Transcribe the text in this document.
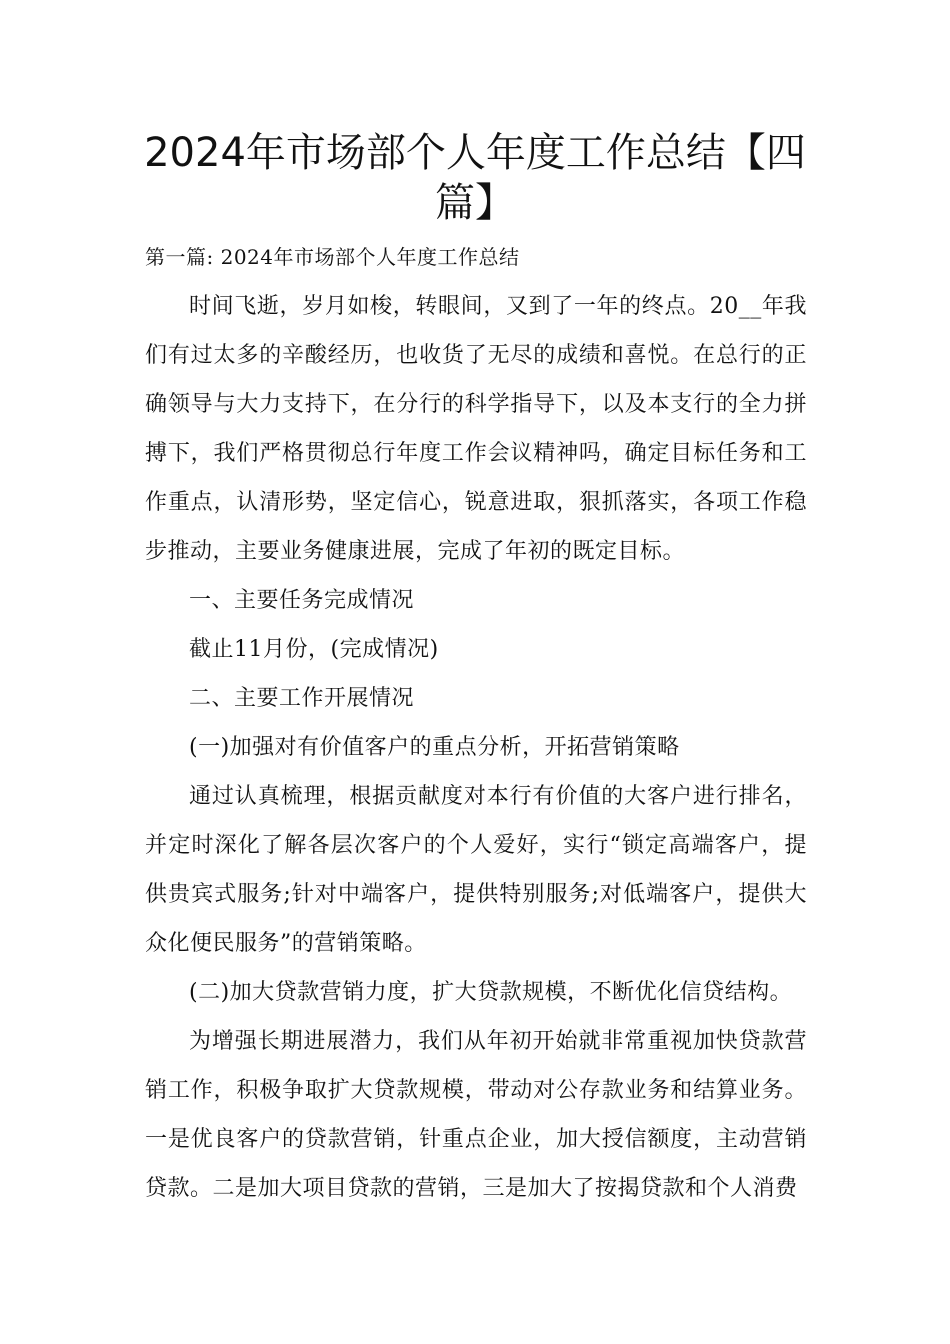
2024年市场部个人年度工作总结【四篇】

第一篇: 2024年市场部个人年度工作总结

时间飞逝，岁月如梭，转眼间，又到了一年的终点。20__年我们有过太多的辛酸经历，也收货了无尽的成绩和喜悦。在总行的正确领导与大力支持下，在分行的科学指导下，以及本支行的全力拼搏下，我们严格贯彻总行年度工作会议精神吗，确定目标任务和工作重点，认清形势，坚定信心，锐意进取，狠抓落实，各项工作稳步推动，主要业务健康进展，完成了年初的既定目标。

一、主要任务完成情况

截止11月份，(完成情况)

二、主要工作开展情况

(一)加强对有价值客户的重点分析，开拓营销策略

通过认真梳理，根据贡献度对本行有价值的大客户进行排名，并定时深化了解各层次客户的个人爱好，实行“锁定高端客户，提供贵宾式服务;针对中端客户，提供特别服务;对低端客户，提供大众化便民服务”的营销策略。

(二)加大贷款营销力度，扩大贷款规模，不断优化信贷结构。

为增强长期进展潜力，我们从年初开始就非常重视加快贷款营销工作，积极争取扩大贷款规模，带动对公存款业务和结算业务。一是优良客户的贷款营销，针重点企业，加大授信额度，主动营销贷款。二是加大项目贷款的营销，三是加大了按揭贷款和个人消费
